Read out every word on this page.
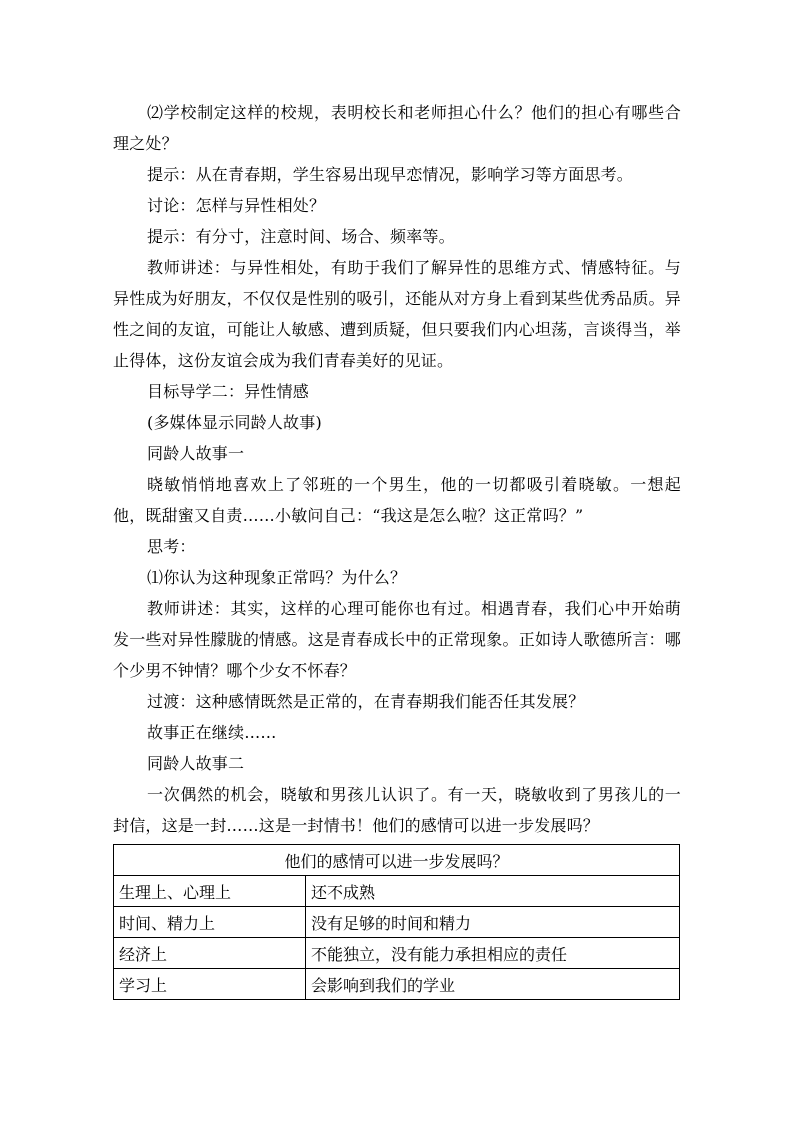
⑵学校制定这样的校规，表明校长和老师担心什么？他们的担心有哪些合理之处？

提示：从在青春期，学生容易出现早恋情况，影响学习等方面思考。

讨论：怎样与异性相处？

提示：有分寸，注意时间、场合、频率等。

教师讲述：与异性相处，有助于我们了解异性的思维方式、情感特征。与异性成为好朋友，不仅仅是性别的吸引，还能从对方身上看到某些优秀品质。异性之间的友谊，可能让人敏感、遭到质疑，但只要我们内心坦荡，言谈得当，举止得体，这份友谊会成为我们青春美好的见证。

目标导学二：异性情感

(多媒体显示同龄人故事)

同龄人故事一

晓敏悄悄地喜欢上了邻班的一个男生，他的一切都吸引着晓敏。一想起他，既甜蜜又自责……小敏问自己：“我这是怎么啦？这正常吗？”

思考：

⑴你认为这种现象正常吗？为什么？

教师讲述：其实，这样的心理可能你也有过。相遇青春，我们心中开始萌发一些对异性朦胧的情感。这是青春成长中的正常现象。正如诗人歌德所言：哪个少男不钟情？哪个少女不怀春？

过渡：这种感情既然是正常的，在青春期我们能否任其发展？

故事正在继续……

同龄人故事二

一次偶然的机会，晓敏和男孩儿认识了。有一天，晓敏收到了男孩儿的一封信，这是一封……这是一封情书！他们的感情可以进一步发展吗？

他们的感情可以进一步发展吗？	
生理上、心理上	还不成熟
时间、精力上	没有足够的时间和精力
经济上	不能独立，没有能力承担相应的责任
学习上	会影响到我们的学业
